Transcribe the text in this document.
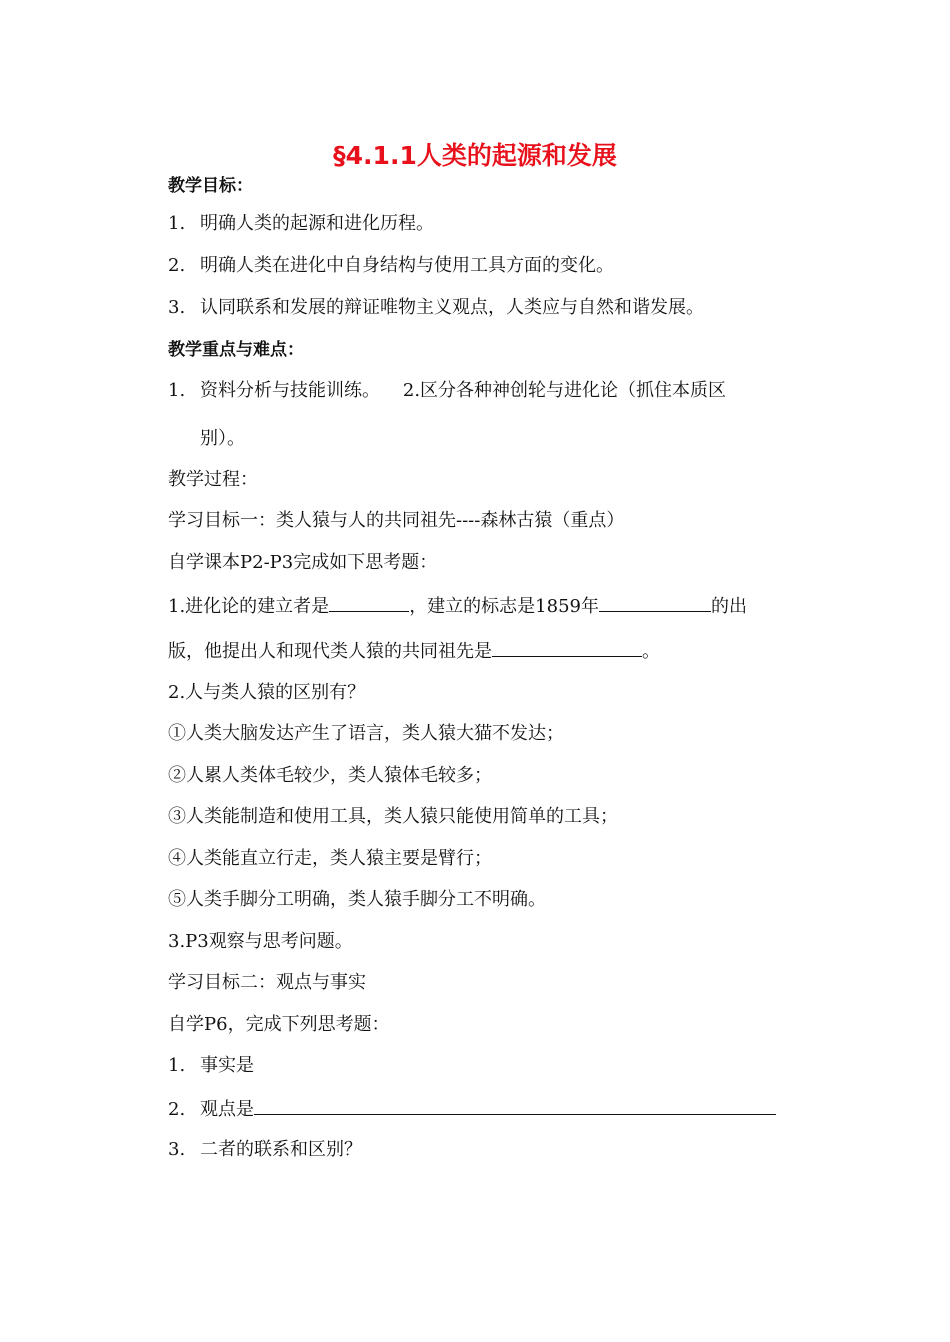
§4.1.1人类的起源和发展
教学目标：
1. 明确人类的起源和进化历程。
2. 明确人类在进化中自身结构与使用工具方面的变化。
3. 认同联系和发展的辩证唯物主义观点，人类应与自然和谐发展。
教学重点与难点：
1. 资料分析与技能训练。    2.区分各种神创轮与进化论（抓住本质区
别）。
教学过程：
学习目标一：类人猿与人的共同祖先----森林古猿（重点）
自学课本P2-P3完成如下思考题：
1.进化论的建立者是	，建立的标志是1859年	的出
版，他提出人和现代类人猿的共同祖先是	。
2.人与类人猿的区别有？
①人类大脑发达产生了语言，类人猿大猫不发达；
②人累人类体毛较少，类人猿体毛较多；
③人类能制造和使用工具，类人猿只能使用简单的工具；
④人类能直立行走，类人猿主要是臂行；
⑤人类手脚分工明确，类人猿手脚分工不明确。
3.P3观察与思考问题。
学习目标二：观点与事实
自学P6，完成下列思考题：
1. 事实是
2. 观点是
3. 二者的联系和区别？
